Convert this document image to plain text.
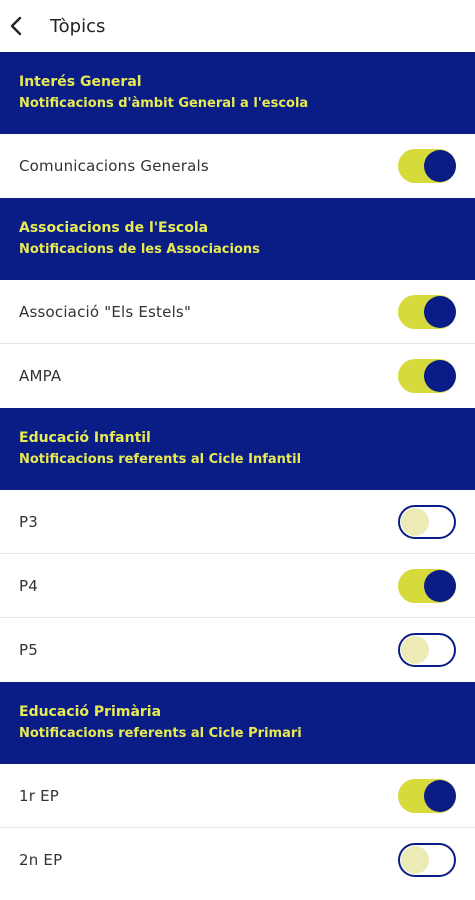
Tòpics
Interés General
Notificacions d'àmbit General a l'escola
Comunicacions Generals
Associacions de l'Escola
Notificacions de les Associacions
Associació "Els Estels"
AMPA
Educació Infantil
Notificacions referents al Cicle Infantil
P3
P4
P5
Educació Primària
Notificacions referents al Cicle Primari
1r EP
2n EP
